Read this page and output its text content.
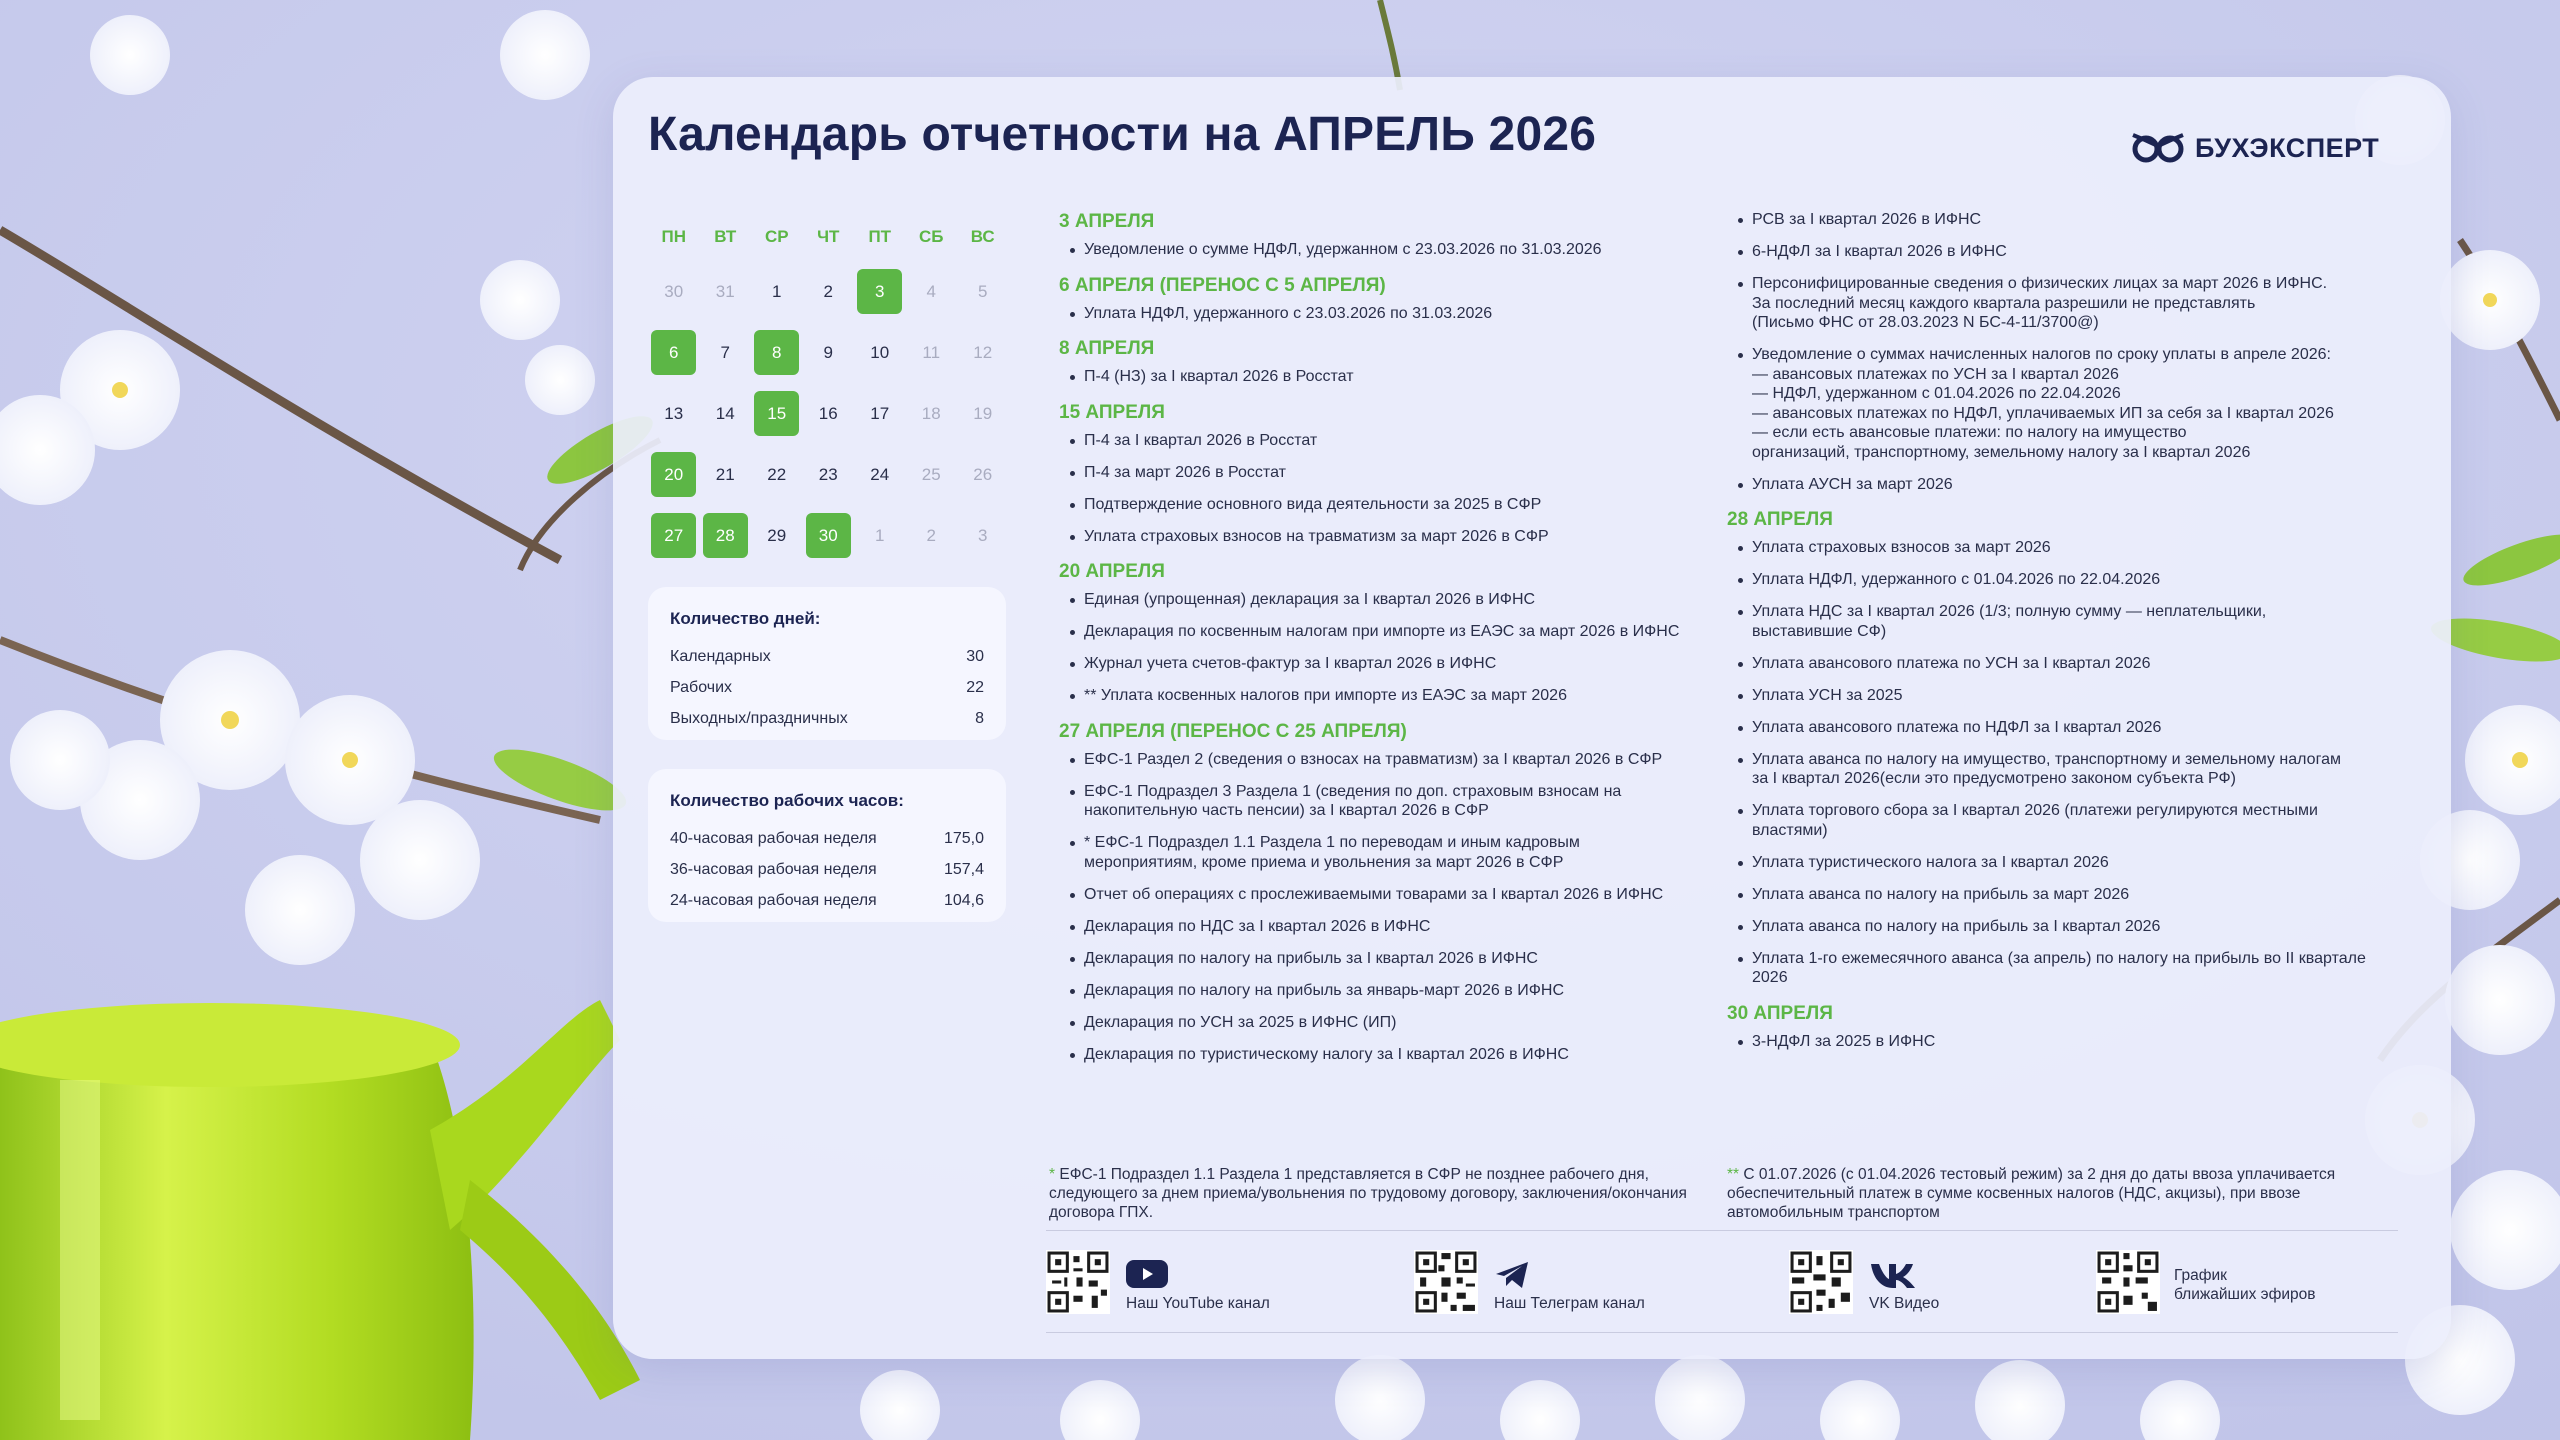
Календарь отчетности на АПРЕЛЬ 2026	БУХЭКСПЕРТ
ПН	ВТ	СР	ЧТ	ПТ	СБ	ВС
30 31 1 2	3	4 5
6	7	8	9 10 11 12
13 14	15	16 17 18 19
20	21 22 23 24 25 26
27	28	29	30	1 2 3
Количество дней:
Календарных	30
Рабочих	22
Выходных/праздничных	8
Количество рабочих часов:
40-часовая рабочая неделя	175,0
36-часовая рабочая неделя	157,4
24-часовая рабочая неделя	104,6
3 АПРЕЛЯ
Уведомление о сумме НДФЛ, удержанном с 23.03.2026 по 31.03.2026
6 АПРЕЛЯ (ПЕРЕНОС С 5 АПРЕЛЯ)
Уплата НДФЛ, удержанного с 23.03.2026 по 31.03.2026
8 АПРЕЛЯ
П-4 (НЗ) за I квартал 2026 в Росстат
15 АПРЕЛЯ
П-4 за I квартал 2026 в Росстат
П-4 за март 2026 в Росстат
Подтверждение основного вида деятельности за 2025 в СФР
Уплата страховых взносов на травматизм за март 2026 в СФР
20 АПРЕЛЯ
Единая (упрощенная) декларация за I квартал 2026 в ИФНС
Декларация по косвенным налогам при импорте из ЕАЭС за март 2026 в ИФНС
Журнал учета счетов-фактур за I квартал 2026 в ИФНС
** Уплата косвенных налогов при импорте из ЕАЭС за март 2026
27 АПРЕЛЯ (ПЕРЕНОС С 25 АПРЕЛЯ)
ЕФС-1 Раздел 2 (сведения о взносах на травматизм) за I квартал 2026 в СФР
ЕФС-1 Подраздел 3 Раздела 1 (сведения по доп. страховым взносам на
накопительную часть пенсии) за I квартал 2026 в СФР
* ЕФС-1 Подраздел 1.1 Раздела 1 по переводам и иным кадровым
мероприятиям, кроме приема и увольнения за март 2026 в СФР
Отчет об операциях с прослеживаемыми товарами за I квартал 2026 в ИФНС
Декларация по НДС за I квартал 2026 в ИФНС
Декларация по налогу на прибыль за I квартал 2026 в ИФНС
Декларация по налогу на прибыль за январь-март 2026 в ИФНС
Декларация по УСН за 2025 в ИФНС (ИП)
Декларация по туристическому налогу за I квартал 2026 в ИФНС
РСВ за I квартал 2026 в ИФНС
6-НДФЛ за I квартал 2026 в ИФНС
Персонифицированные сведения о физических лицах за март 2026 в ИФНС.
За последний месяц каждого квартала разрешили не представлять
(Письмо ФНС от 28.03.2023 N БС-4-11/3700@)
Уведомление о суммах начисленных налогов по сроку уплаты в апреле 2026:
— авансовых платежах по УСН за I квартал 2026
— НДФЛ, удержанном с 01.04.2026 по 22.04.2026
— авансовых платежах по НДФЛ, уплачиваемых ИП за себя за I квартал 2026
— если есть авансовые платежи: по налогу на имущество
организаций, транспортному, земельному налогу за I квартал 2026
Уплата АУСН за март 2026
28 АПРЕЛЯ
Уплата страховых взносов за март 2026
Уплата НДФЛ, удержанного с 01.04.2026 по 22.04.2026
Уплата НДС за I квартал 2026 (1/3; полную сумму — неплательщики,
выставившие СФ)
Уплата авансового платежа по УСН за I квартал 2026
Уплата УСН за 2025
Уплата авансового платежа по НДФЛ за I квартал 2026
Уплата аванса по налогу на имущество, транспортному и земельному налогам
за I квартал 2026(если это предусмотрено законом субъекта РФ)
Уплата торгового сбора за I квартал 2026 (платежи регулируются местными
властями)
Уплата туристического налога за I квартал 2026
Уплата аванса по налогу на прибыль за март 2026
Уплата аванса по налогу на прибыль за I квартал 2026
Уплата 1-го ежемесячного аванса (за апрель) по налогу на прибыль во II квартале
2026
30 АПРЕЛЯ
3-НДФЛ за 2025 в ИФНС
* ЕФС-1 Подраздел 1.1 Раздела 1 представляется в СФР не позднее рабочего дня, следующего за днем приема/увольнения по трудовому договору, заключения/окончания договора ГПХ.
** С 01.07.2026 (с 01.04.2026 тестовый режим) за 2 дня до даты ввоза уплачивается обеспечительный платеж в сумме косвенных налогов (НДС, акцизы), при ввозе автомобильным транспортом
Наш YouTube канал	Наш Телеграм канал	VK Видео
График
ближайших эфиров
